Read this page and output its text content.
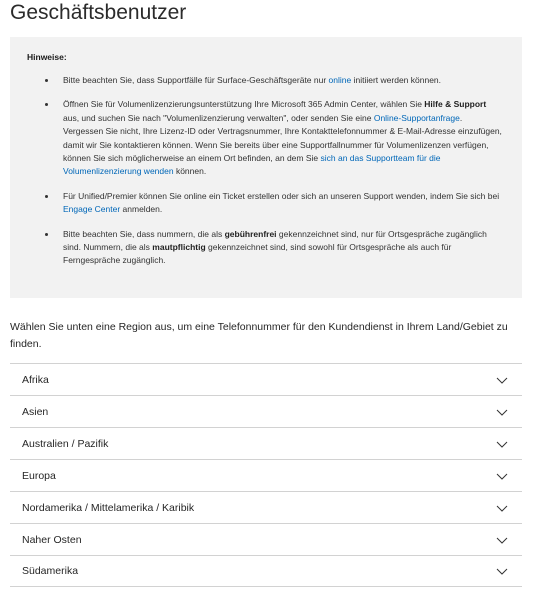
Geschäftsbenutzer

Hinweise:

Bitte beachten Sie, dass Supportfälle für Surface-Geschäftsgeräte nur online initiiert werden können.
Öffnen Sie für Volumenlizenzierungsunterstützung Ihre Microsoft 365 Admin Center, wählen Sie Hilfe & Support aus, und suchen Sie nach "Volumenlizenzierung verwalten", oder senden Sie eine Online-Supportanfrage. Vergessen Sie nicht, Ihre Lizenz-ID oder Vertragsnummer, Ihre Kontakttelefonnummer & E-Mail-Adresse einzufügen, damit wir Sie kontaktieren können. Wenn Sie bereits über eine Supportfallnummer für Volumenlizenzen verfügen, können Sie sich möglicherweise an einem Ort befinden, an dem Sie sich an das Supportteam für die Volumenlizenzierung wenden können.
Für Unified/Premier können Sie online ein Ticket erstellen oder sich an unseren Support wenden, indem Sie sich bei Engage Center anmelden.
Bitte beachten Sie, dass nummern, die als gebührenfrei gekennzeichnet sind, nur für Ortsgespräche zugänglich sind. Nummern, die als mautpflichtig gekennzeichnet sind, sind sowohl für Ortsgespräche als auch für Ferngespräche zugänglich.

Wählen Sie unten eine Region aus, um eine Telefonnummer für den Kundendienst in Ihrem Land/Gebiet zu finden.

Afrika
Asien
Australien / Pazifik
Europa
Nordamerika / Mittelamerika / Karibik
Naher Osten
Südamerika
